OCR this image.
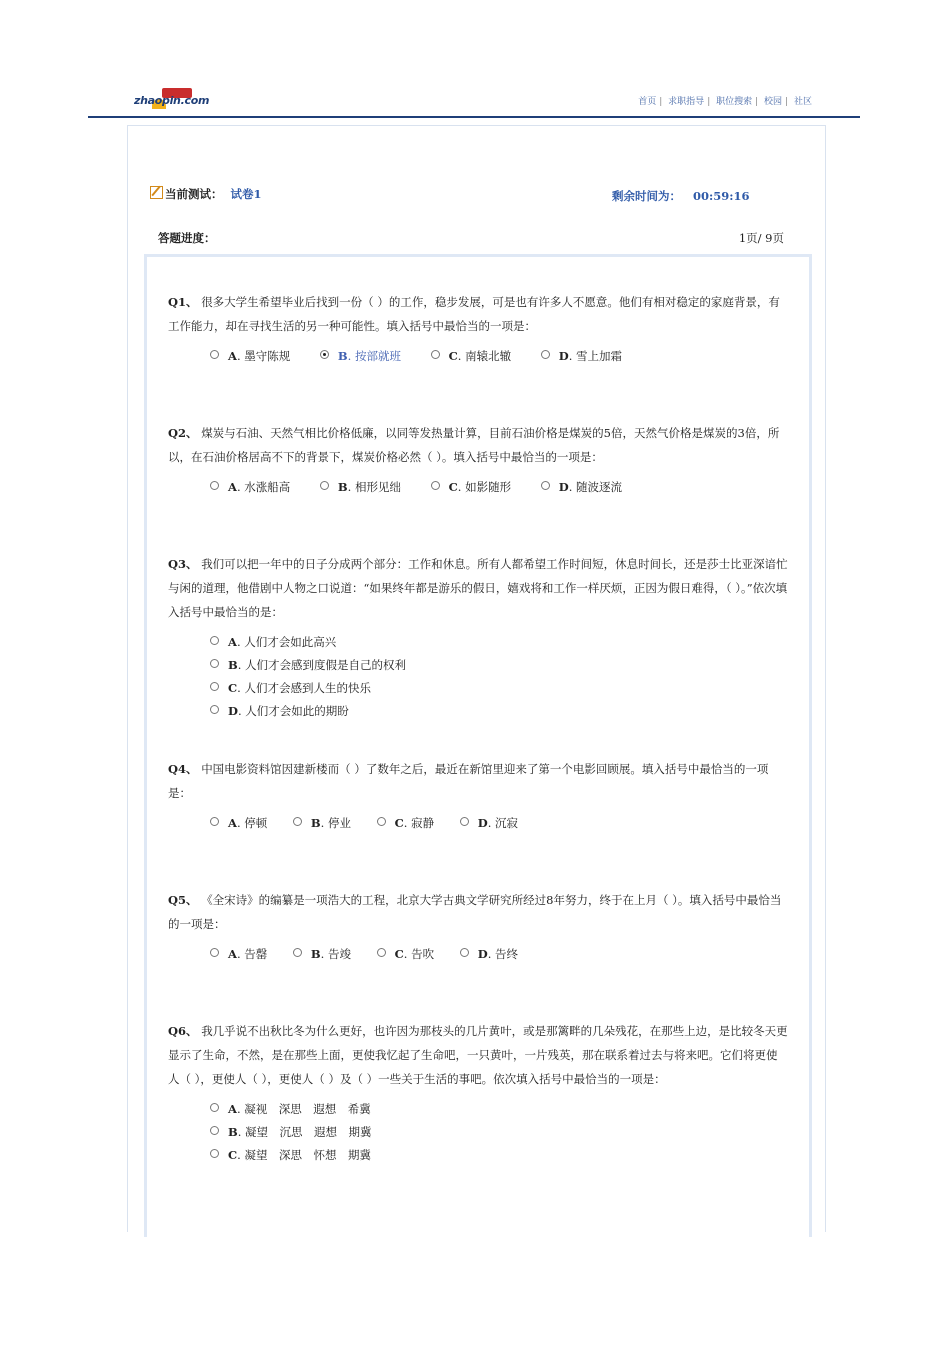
zhaopin.com	首页 | 求职指导 | 职位搜索 | 校园 | 社区
当前测试： 试卷1	剩余时间为： 00:59:16
答题进度：	1页/ 9页
Q1、 很多大学生希望毕业后找到一份（ ）的工作，稳步发展，可是也有许多人不愿意。他们有相对稳定的家庭背景，有工作能力，却在寻找生活的另一种可能性。填入括号中最恰当的一项是：
A. 墨守陈规	B. 按部就班	C. 南辕北辙	D. 雪上加霜
Q2、 煤炭与石油、天然气相比价格低廉，以同等发热量计算，目前石油价格是煤炭的5倍，天然气价格是煤炭的3倍，所以，在石油价格居高不下的背景下，煤炭价格必然（ ）。填入括号中最恰当的一项是：
A. 水涨船高	B. 相形见绌	C. 如影随形	D. 随波逐流
Q3、 我们可以把一年中的日子分成两个部分：工作和休息。所有人都希望工作时间短，休息时间长，还是莎士比亚深谙忙与闲的道理，他借剧中人物之口说道：“如果终年都是游乐的假日，嬉戏将和工作一样厌烦，正因为假日难得，（ ）。”依次填入括号中最恰当的是：
A. 人们才会如此高兴
B. 人们才会感到度假是自己的权利
C. 人们才会感到人生的快乐
D. 人们才会如此的期盼
Q4、 中国电影资料馆因建新楼而（ ）了数年之后，最近在新馆里迎来了第一个电影回顾展。填入括号中最恰当的一项是：
A. 停顿	B. 停业	C. 寂静	D. 沉寂
Q5、 《全宋诗》的编纂是一项浩大的工程，北京大学古典文学研究所经过8年努力，终于在上月（ ）。填入括号中最恰当的一项是：
A. 告罄	B. 告竣	C. 告吹	D. 告终
Q6、 我几乎说不出秋比冬为什么更好，也许因为那枝头的几片黄叶，或是那篱畔的几朵残花，在那些上边，是比较冬天更显示了生命，不然，是在那些上面，更使我忆起了生命吧，一只黄叶，一片残英，那在联系着过去与将来吧。它们将更使人（ ），更使人（ ），更使人（ ）及（ ）一些关于生活的事吧。依次填入括号中最恰当的一项是：
A. 凝视　深思　遐想　希冀
B. 凝望　沉思　遐想　期冀
C. 凝望　深思　怀想　期冀
